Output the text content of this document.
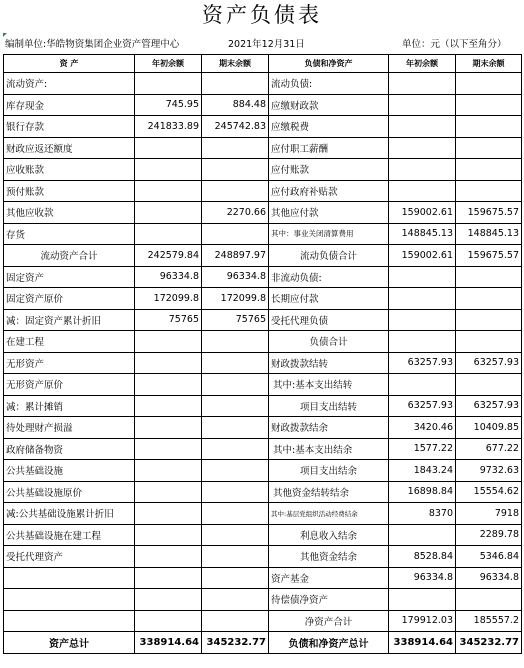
资产负债表
编制单位:华皓物资集团企业资产管理中心	2021年12月31日	单位：元（以下至角分）
资 产	年初余额	期末余额	负债和净资产	年初余额	期末余额
流动资产:			流动负债:		
库存现金	745.95	884.48	应缴财政款		
银行存款	241833.89	245742.83	应缴税费		
财政应返还额度			应付职工薪酬		
应收账款			应付账款		
预付账款			应付政府补贴款		
其他应收款		2270.66	其他应付款	159002.61	159675.57
存货			其中：事业关闭清算费用	148845.13	148845.13
流动资产合计	242579.84	248897.97	流动负债合计	159002.61	159675.57
固定资产	96334.8	96334.8	非流动负债:		
固定资产原价	172099.8	172099.8	长期应付款		
减：固定资产累计折旧	75765	75765	受托代理负债		
在建工程			负债合计		
无形资产			财政拨款结转	63257.93	63257.93
无形资产原价			其中:基本支出结转		
减：累计摊销			项目支出结转	63257.93	63257.93
待处理财产损溢			财政拨款结余	3420.46	10409.85
政府储备物资			其中:基本支出结余	1577.22	677.22
公共基础设施			项目支出结余	1843.24	9732.63
公共基础设施原价			其他资金结转结余	16898.84	15554.62
减:公共基础设施累计折旧			其中:基层党组织活动经费结余	8370	7918
公共基础设施在建工程			利息收入结余		2289.78
受托代理资产			其他资金结余	8528.84	5346.84
			资产基金	96334.8	96334.8
			待偿债净资产		
			净资产合计	179912.03	185557.2
资产总计	338914.64	345232.77	负债和净资产总计	338914.64	345232.77
